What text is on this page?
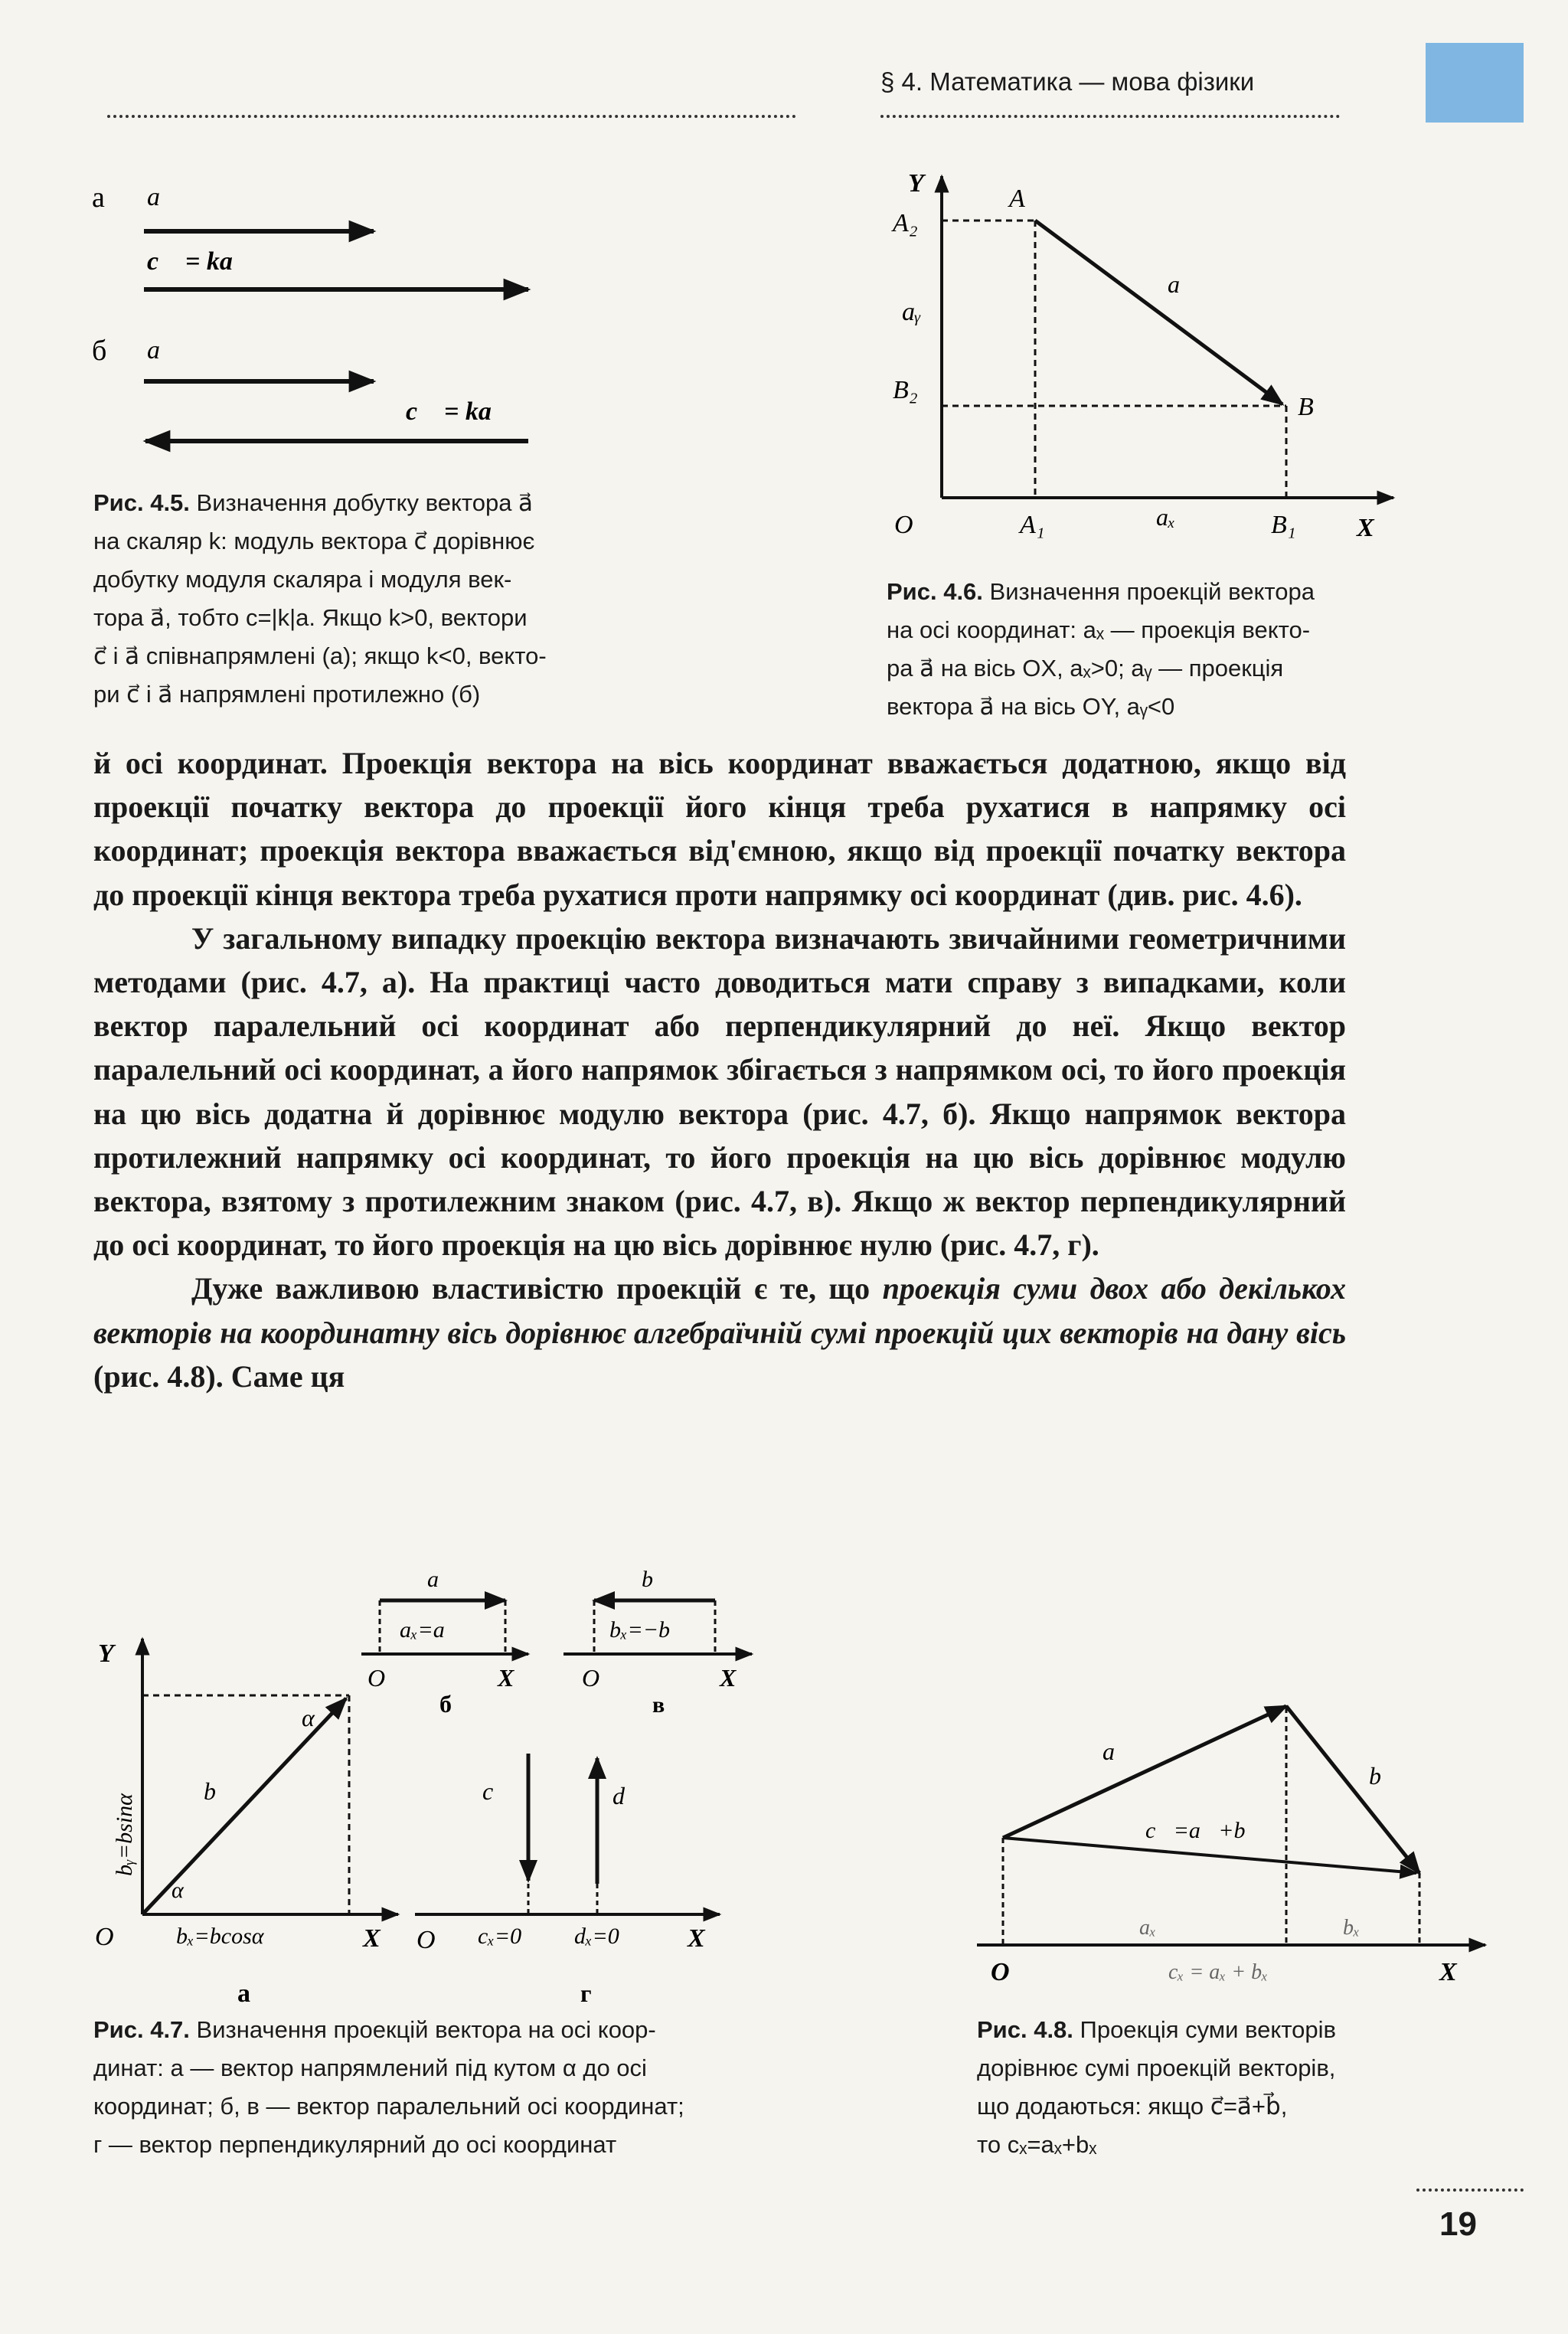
§ 4. Математика — мова фізики
а a⃗
c⃗ = ka⃗
б a⃗
c⃗ = ka⃗
Рис. 4.5. Визначення добутку вектора a⃗
на скаляр k: модуль вектора c⃗ дорівнює
добутку модуля скаляра і модуля век-
тора a⃗, тобто c=|k|a. Якщо k>0, вектори
c⃗ і a⃗ співнапрямлені (а); якщо k<0, векто-
ри c⃗ і a⃗ напрямлені протилежно (б)
Y
A
A₂
a⃗
aᵧ
B₂
B
O	A₁	aₓ	B₁ X
Рис. 4.6. Визначення проекцій вектора
на осі координат: aₓ — проекція векто-
ра a⃗ на вісь OX, aₓ>0; aᵧ — проекція
вектора a⃗ на вісь OY, aᵧ<0

й осі координат. Проекція вектора на вісь координат вважається додатною, якщо від проекції початку вектора до проекції його кінця треба рухатися в напрямку осі координат; проекція вектора вважається від'ємною, якщо від проекції початку вектора до проекції кінця вектора треба рухатися проти напрямку осі координат (див. рис. 4.6).

У загальному випадку проекцію вектора визначають звичайними геометричними методами (рис. 4.7, а). На практиці часто доводиться мати справу з випадками, коли вектор паралельний осі координат або перпендикулярний до неї. Якщо вектор паралельний осі координат, а його напрямок збігається з напрямком осі, то його проекція на цю вісь додатна й дорівнює модулю вектора (рис. 4.7, б). Якщо напрямок вектора протилежний напрямку осі координат, то його проекція на цю вісь дорівнює модулю вектора, взятому з протилежним знаком (рис. 4.7, в). Якщо ж вектор перпендикулярний до осі координат, то його проекція на цю вісь дорівнює нулю (рис. 4.7, г).

Дуже важливою властивістю проекцій є те, що проекція суми двох або декількох векторів на координатну вісь дорівнює алгебраїчній сумі проекцій цих векторів на дану вісь (рис. 4.8). Саме ця

Y
α
b⃗
bᵧ=bsinα
α
O	bₓ=bcosα	X
а
a⃗
aₓ=a
O	X
б
b⃗
bₓ=−b
O	X
в
c⃗	d⃗
O cₓ=0 dₓ=0	X
г
Рис. 4.7. Визначення проекцій вектора на осі коор-
динат: а — вектор напрямлений під кутом α до осі
координат; б, в — вектор паралельний осі координат;
г — вектор перпендикулярний до осі координат
a⃗
b⃗
c⃗=a⃗+b⃗
aₓ	bₓ
O	cₓ = aₓ + bₓ	X
Рис. 4.8. Проекція суми векторів
дорівнює сумі проекцій векторів,
що додаються: якщо c⃗=a⃗+b⃗,
то cₓ=aₓ+bₓ
19
